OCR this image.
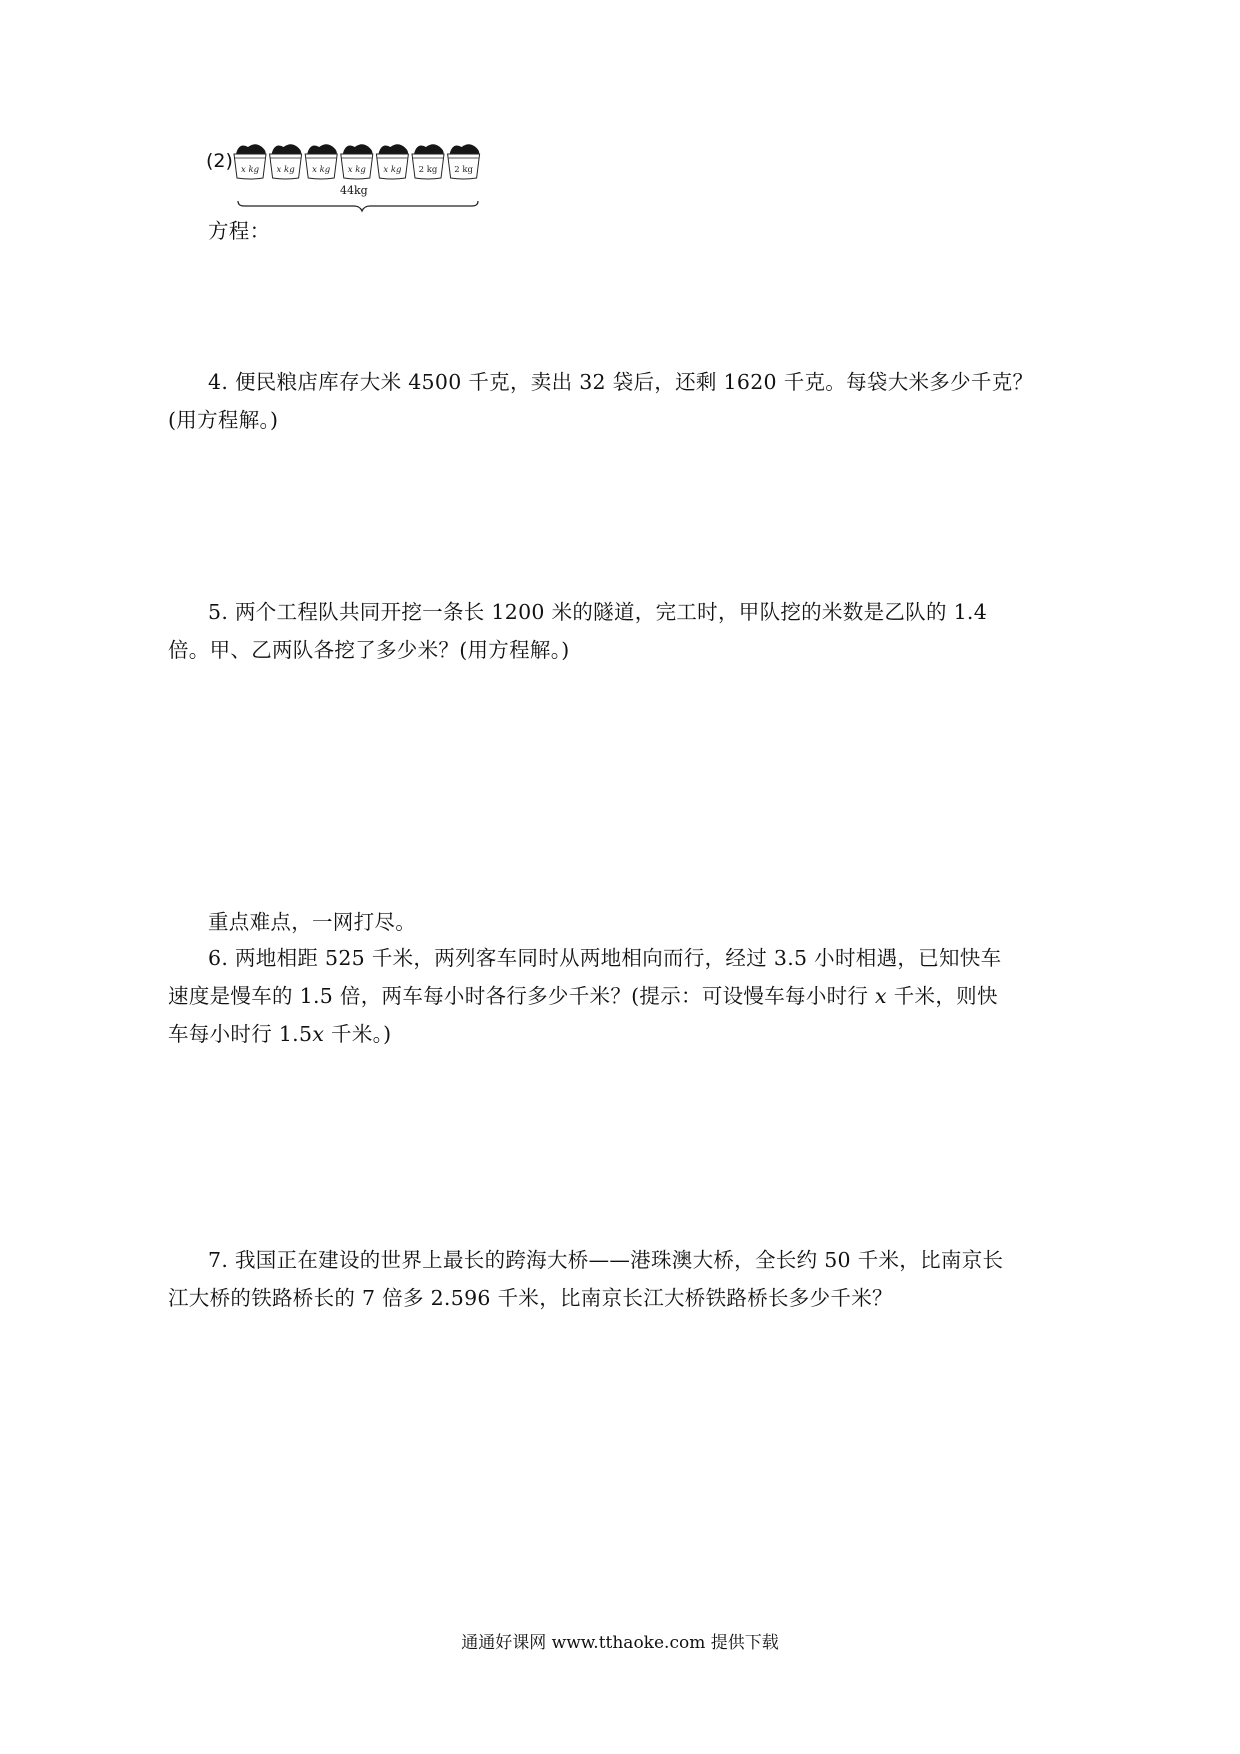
x kg x kg x kg x kg x kg 2 kg 2 kg
(2)
44kg
方程：
4. 便民粮店库存大米 4500 千克，卖出 32 袋后，还剩 1620 千克。每袋大米多少千克？
(用方程解。)
5. 两个工程队共同开挖一条长 1200 米的隧道，完工时，甲队挖的米数是乙队的 1.4
倍。甲、乙两队各挖了多少米？(用方程解。)
重点难点，一网打尽。
6. 两地相距 525 千米，两列客车同时从两地相向而行，经过 3.5 小时相遇，已知快车
速度是慢车的 1.5 倍，两车每小时各行多少千米？(提示：可设慢车每小时行 x 千米，则快
车每小时行 1.5x 千米。)
7. 我国正在建设的世界上最长的跨海大桥——港珠澳大桥，全长约 50 千米，比南京长
江大桥的铁路桥长的 7 倍多 2.596 千米，比南京长江大桥铁路桥长多少千米？
通通好课网 www.tthaoke.com 提供下载
